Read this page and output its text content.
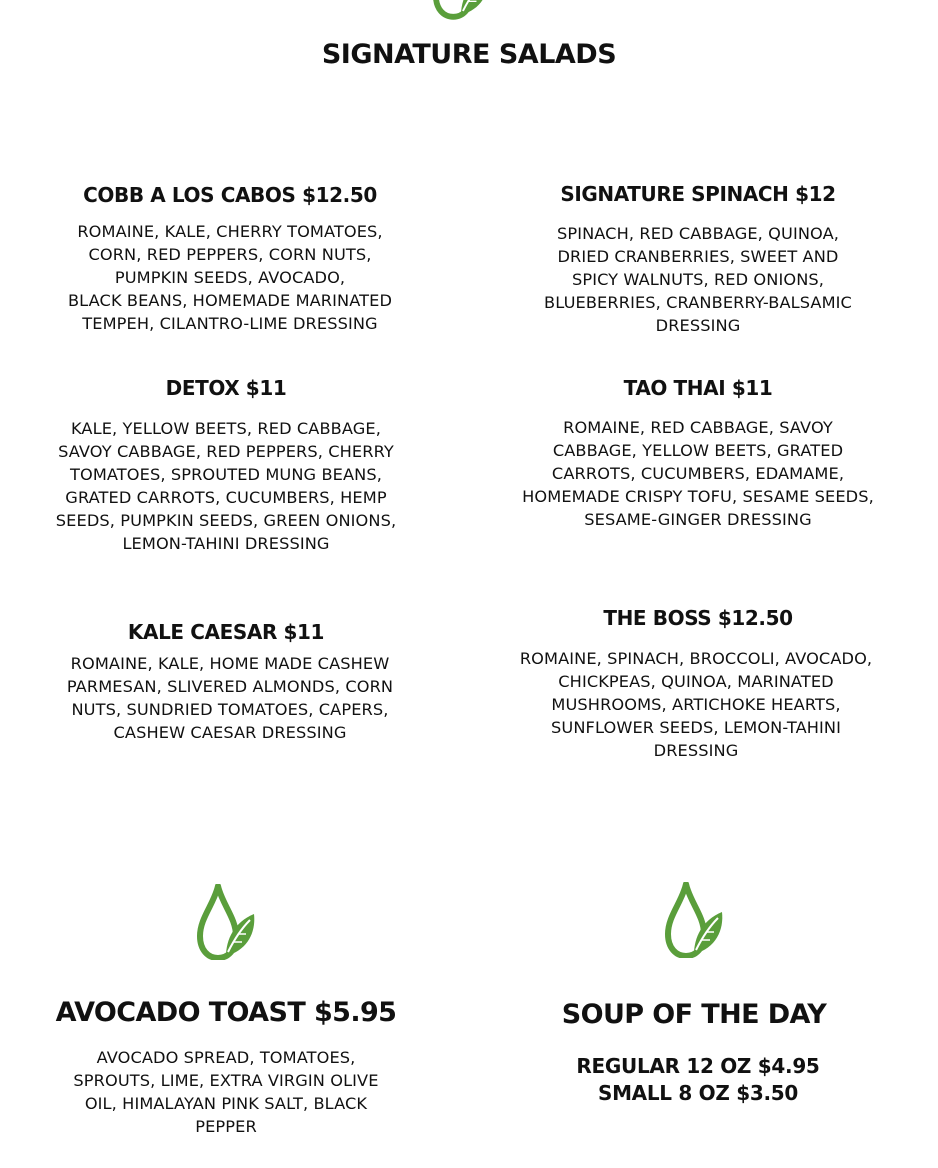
SIGNATURE SALADS
COBB A LOS CABOS $12.50
ROMAINE, KALE, CHERRY TOMATOES,
CORN, RED PEPPERS, CORN NUTS,
PUMPKIN SEEDS, AVOCADO,
BLACK BEANS, HOMEMADE MARINATED
TEMPEH, CILANTRO-LIME DRESSING
SIGNATURE SPINACH $12
SPINACH, RED CABBAGE, QUINOA,
DRIED CRANBERRIES, SWEET AND
SPICY WALNUTS, RED ONIONS,
BLUEBERRIES, CRANBERRY-BALSAMIC
DRESSING
DETOX $11
KALE, YELLOW BEETS, RED CABBAGE,
SAVOY CABBAGE, RED PEPPERS, CHERRY
TOMATOES, SPROUTED MUNG BEANS,
GRATED CARROTS, CUCUMBERS, HEMP
SEEDS, PUMPKIN SEEDS, GREEN ONIONS,
LEMON-TAHINI DRESSING
TAO THAI $11
ROMAINE, RED CABBAGE, SAVOY
CABBAGE, YELLOW BEETS, GRATED
CARROTS, CUCUMBERS, EDAMAME,
HOMEMADE CRISPY TOFU, SESAME SEEDS,
SESAME-GINGER DRESSING
KALE CAESAR $11
ROMAINE, KALE, HOME MADE CASHEW
PARMESAN, SLIVERED ALMONDS, CORN
NUTS, SUNDRIED TOMATOES, CAPERS,
CASHEW CAESAR DRESSING
THE BOSS $12.50
ROMAINE, SPINACH, BROCCOLI, AVOCADO,
CHICKPEAS, QUINOA, MARINATED
MUSHROOMS, ARTICHOKE HEARTS,
SUNFLOWER SEEDS, LEMON-TAHINI
DRESSING
AVOCADO TOAST $5.95
AVOCADO SPREAD, TOMATOES,
SPROUTS, LIME, EXTRA VIRGIN OLIVE
OIL, HIMALAYAN PINK SALT, BLACK
PEPPER
SOUP OF THE DAY
REGULAR 12 OZ $4.95
SMALL 8 OZ $3.50
